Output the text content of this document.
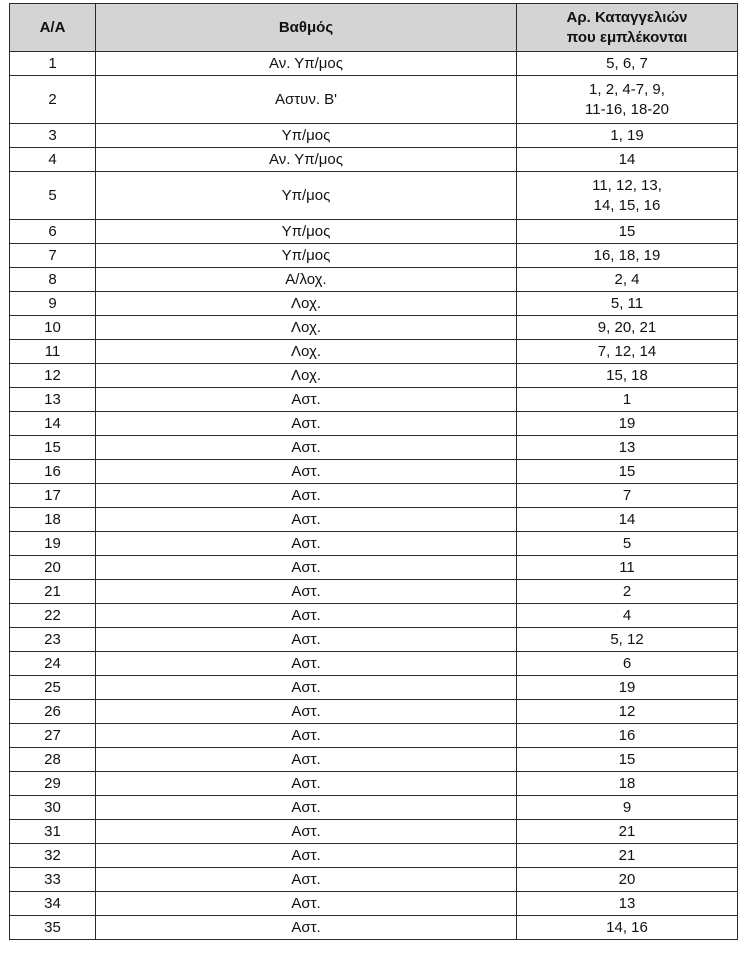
Α/Α	Βαθμός	Αρ. Καταγγελιών
που εμπλέκονται

1	Αν. Υπ/μος	5, 6, 7

2	Αστυν. Β'	1, 2, 4-7, 9,
11-16, 18-20

3	Υπ/μος	1, 19

4	Αν. Υπ/μος	14

5	Υπ/μος	11, 12, 13,
14, 15, 16

6	Υπ/μος	15

7	Υπ/μος	16, 18, 19

8	Α/λοχ.	2, 4

9	Λοχ.	5, 11

10	Λοχ.	9, 20, 21

11	Λοχ.	7, 12, 14

12	Λοχ.	15, 18

13	Αστ.	1

14	Αστ.	19

15	Αστ.	13

16	Αστ.	15

17	Αστ.	7

18	Αστ.	14

19	Αστ.	5

20	Αστ.	11

21	Αστ.	2

22	Αστ.	4

23	Αστ.	5, 12

24	Αστ.	6

25	Αστ.	19

26	Αστ.	12

27	Αστ.	16

28	Αστ.	15

29	Αστ.	18

30	Αστ.	9

31	Αστ.	21

32	Αστ.	21

33	Αστ.	20

34	Αστ.	13

35	Αστ.	14, 16
